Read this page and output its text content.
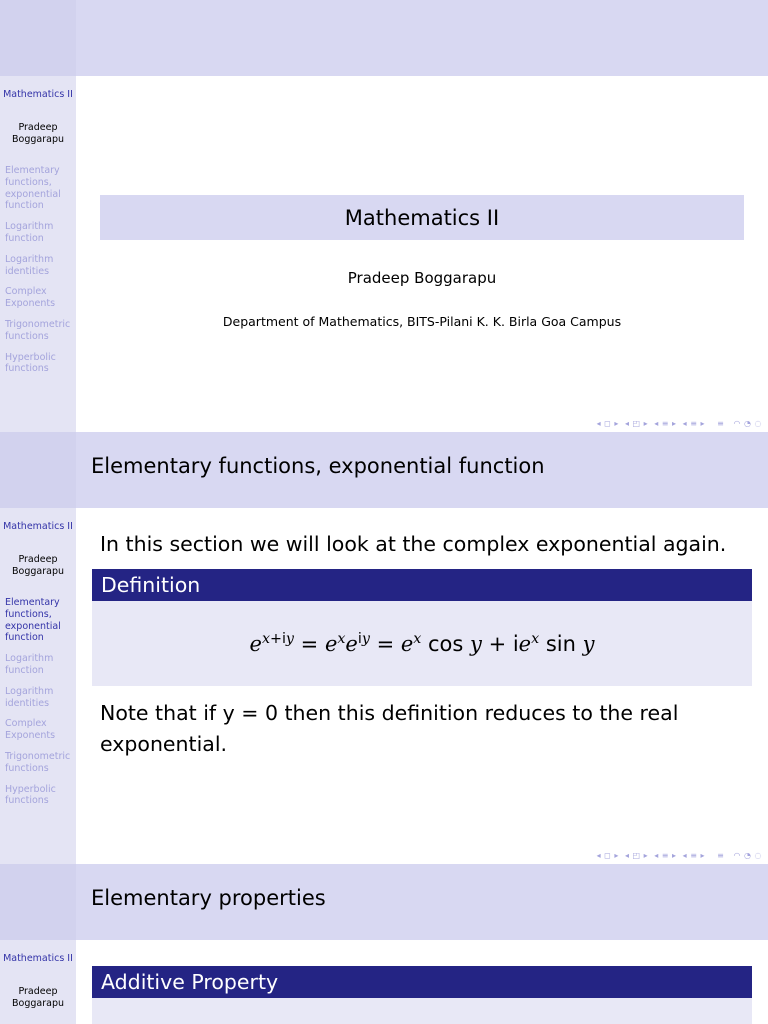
Mathematics II
Pradeep Boggarapu
Elementary functions, exponential function
Logarithm function
Logarithm identities
Complex Exponents
Trigonometric functions
Hyperbolic functions
Mathematics II
Pradeep Boggarapu
Department of Mathematics, BITS-Pilani K. K. Birla Goa Campus
◂ ◻ ▸  ◂ ◰ ▸  ◂ ≡ ▸  ◂ ≡ ▸    ≡   ◠ ◔ ◌
Mathematics II
Pradeep Boggarapu
Elementary functions, exponential function
Logarithm function
Logarithm identities
Complex Exponents
Trigonometric functions
Hyperbolic functions
Elementary functions, exponential function
In this section we will look at the complex exponential again.
Definition
$e^{x+iy} = e^xe^{iy} = e^x$ $\cos y + ie^x$ sin y
Note that if y = 0 then this definition reduces to the real exponential.
◂ ◻ ▸  ◂ ◰ ▸  ◂ ≡ ▸  ◂ ≡ ▸    ≡   ◠ ◔ ◌
Mathematics II
Pradeep Boggarapu
Elementary properties
Additive Property
